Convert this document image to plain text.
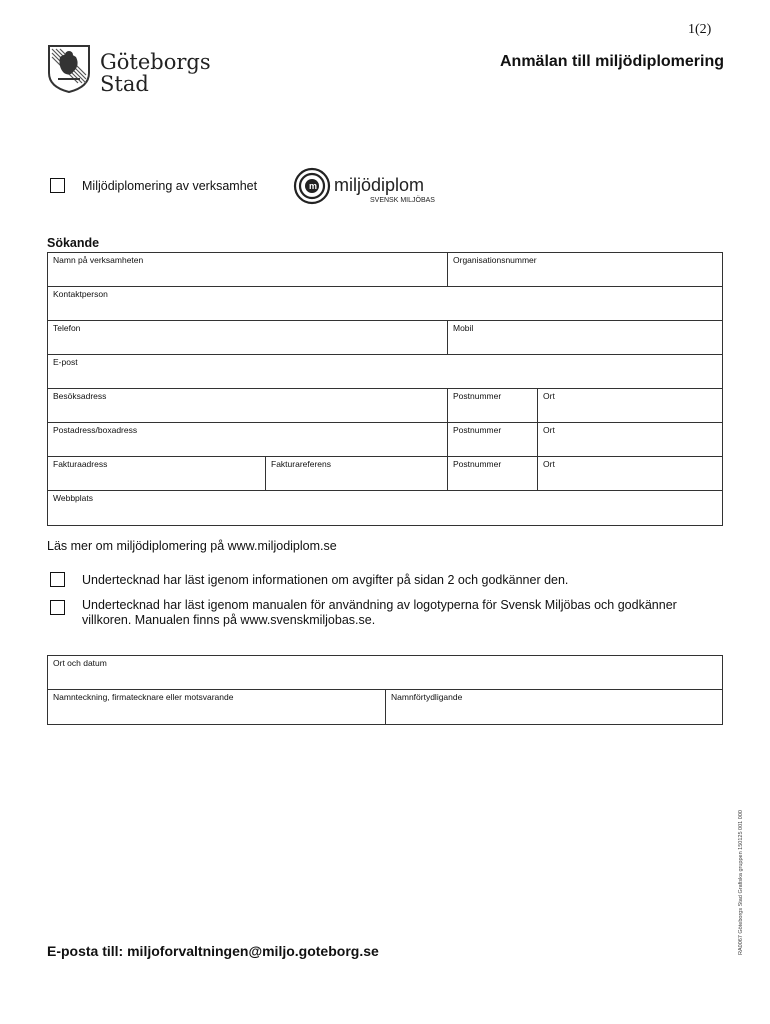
1(2)
Göteborgs
Stad
Anmälan till miljödiplomering
Miljödiplomering av verksamhet	m miljödiplom
SVENSK MILJÖBAS
Sökande
Namn på verksamheten	Organisationsnummer
Kontaktperson
Telefon	Mobil
E-post
Besöksadress	Postnummer	Ort
Postadress/boxadress	Postnummer	Ort
Fakturaadress	Fakturareferens	Postnummer	Ort
Webbplats
Läs mer om miljödiplomering på www.miljodiplom.se
Undertecknad har läst igenom informationen om avgifter på sidan 2 och godkänner den.
Undertecknad har läst igenom manualen för användning av logotyperna för Svensk Miljöbas och godkänner villkoren. Manualen finns på www.svenskmiljobas.se.
Ort och datum
Namnteckning, firmatecknare eller motsvarande	Namnförtydligande
RA0067 Göteborgs Stad Grafiska gruppen 150125 001 000
E-posta till: miljoforvaltningen@miljo.goteborg.se
